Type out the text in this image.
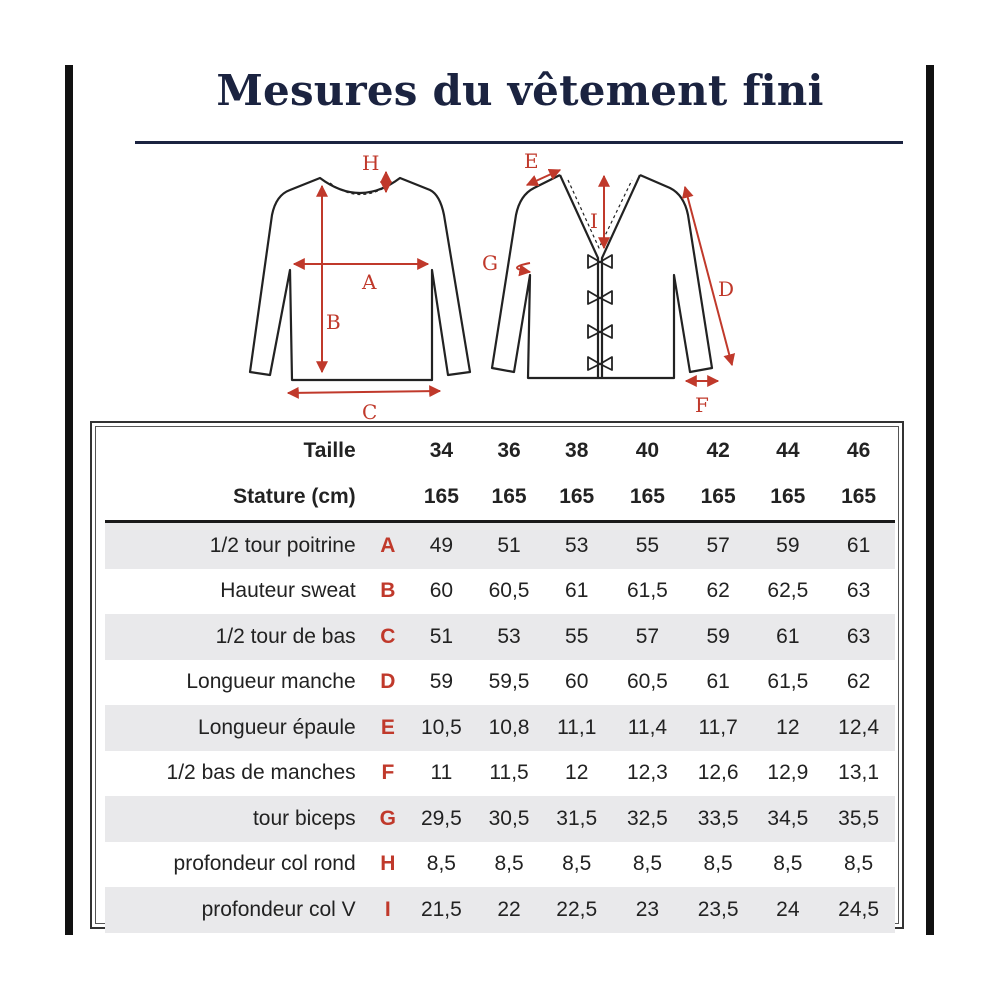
Mesures du vêtement fini
A
B
C
D
E
F
G
H
I
Taille		34	36	38	40	42	44	46
Stature (cm)		165	165	165	165	165	165	165
1/2 tour poitrine	A	49	51	53	55	57	59	61
Hauteur sweat	B	60	60,5	61	61,5	62	62,5	63
1/2 tour de bas	C	51	53	55	57	59	61	63
Longueur manche	D	59	59,5	60	60,5	61	61,5	62
Longueur épaule	E	10,5	10,8	11,1	11,4	11,7	12	12,4
1/2 bas de manches	F	11	11,5	12	12,3	12,6	12,9	13,1
tour biceps	G	29,5	30,5	31,5	32,5	33,5	34,5	35,5
profondeur col rond	H	8,5	8,5	8,5	8,5	8,5	8,5	8,5
profondeur col V	I	21,5	22	22,5	23	23,5	24	24,5
